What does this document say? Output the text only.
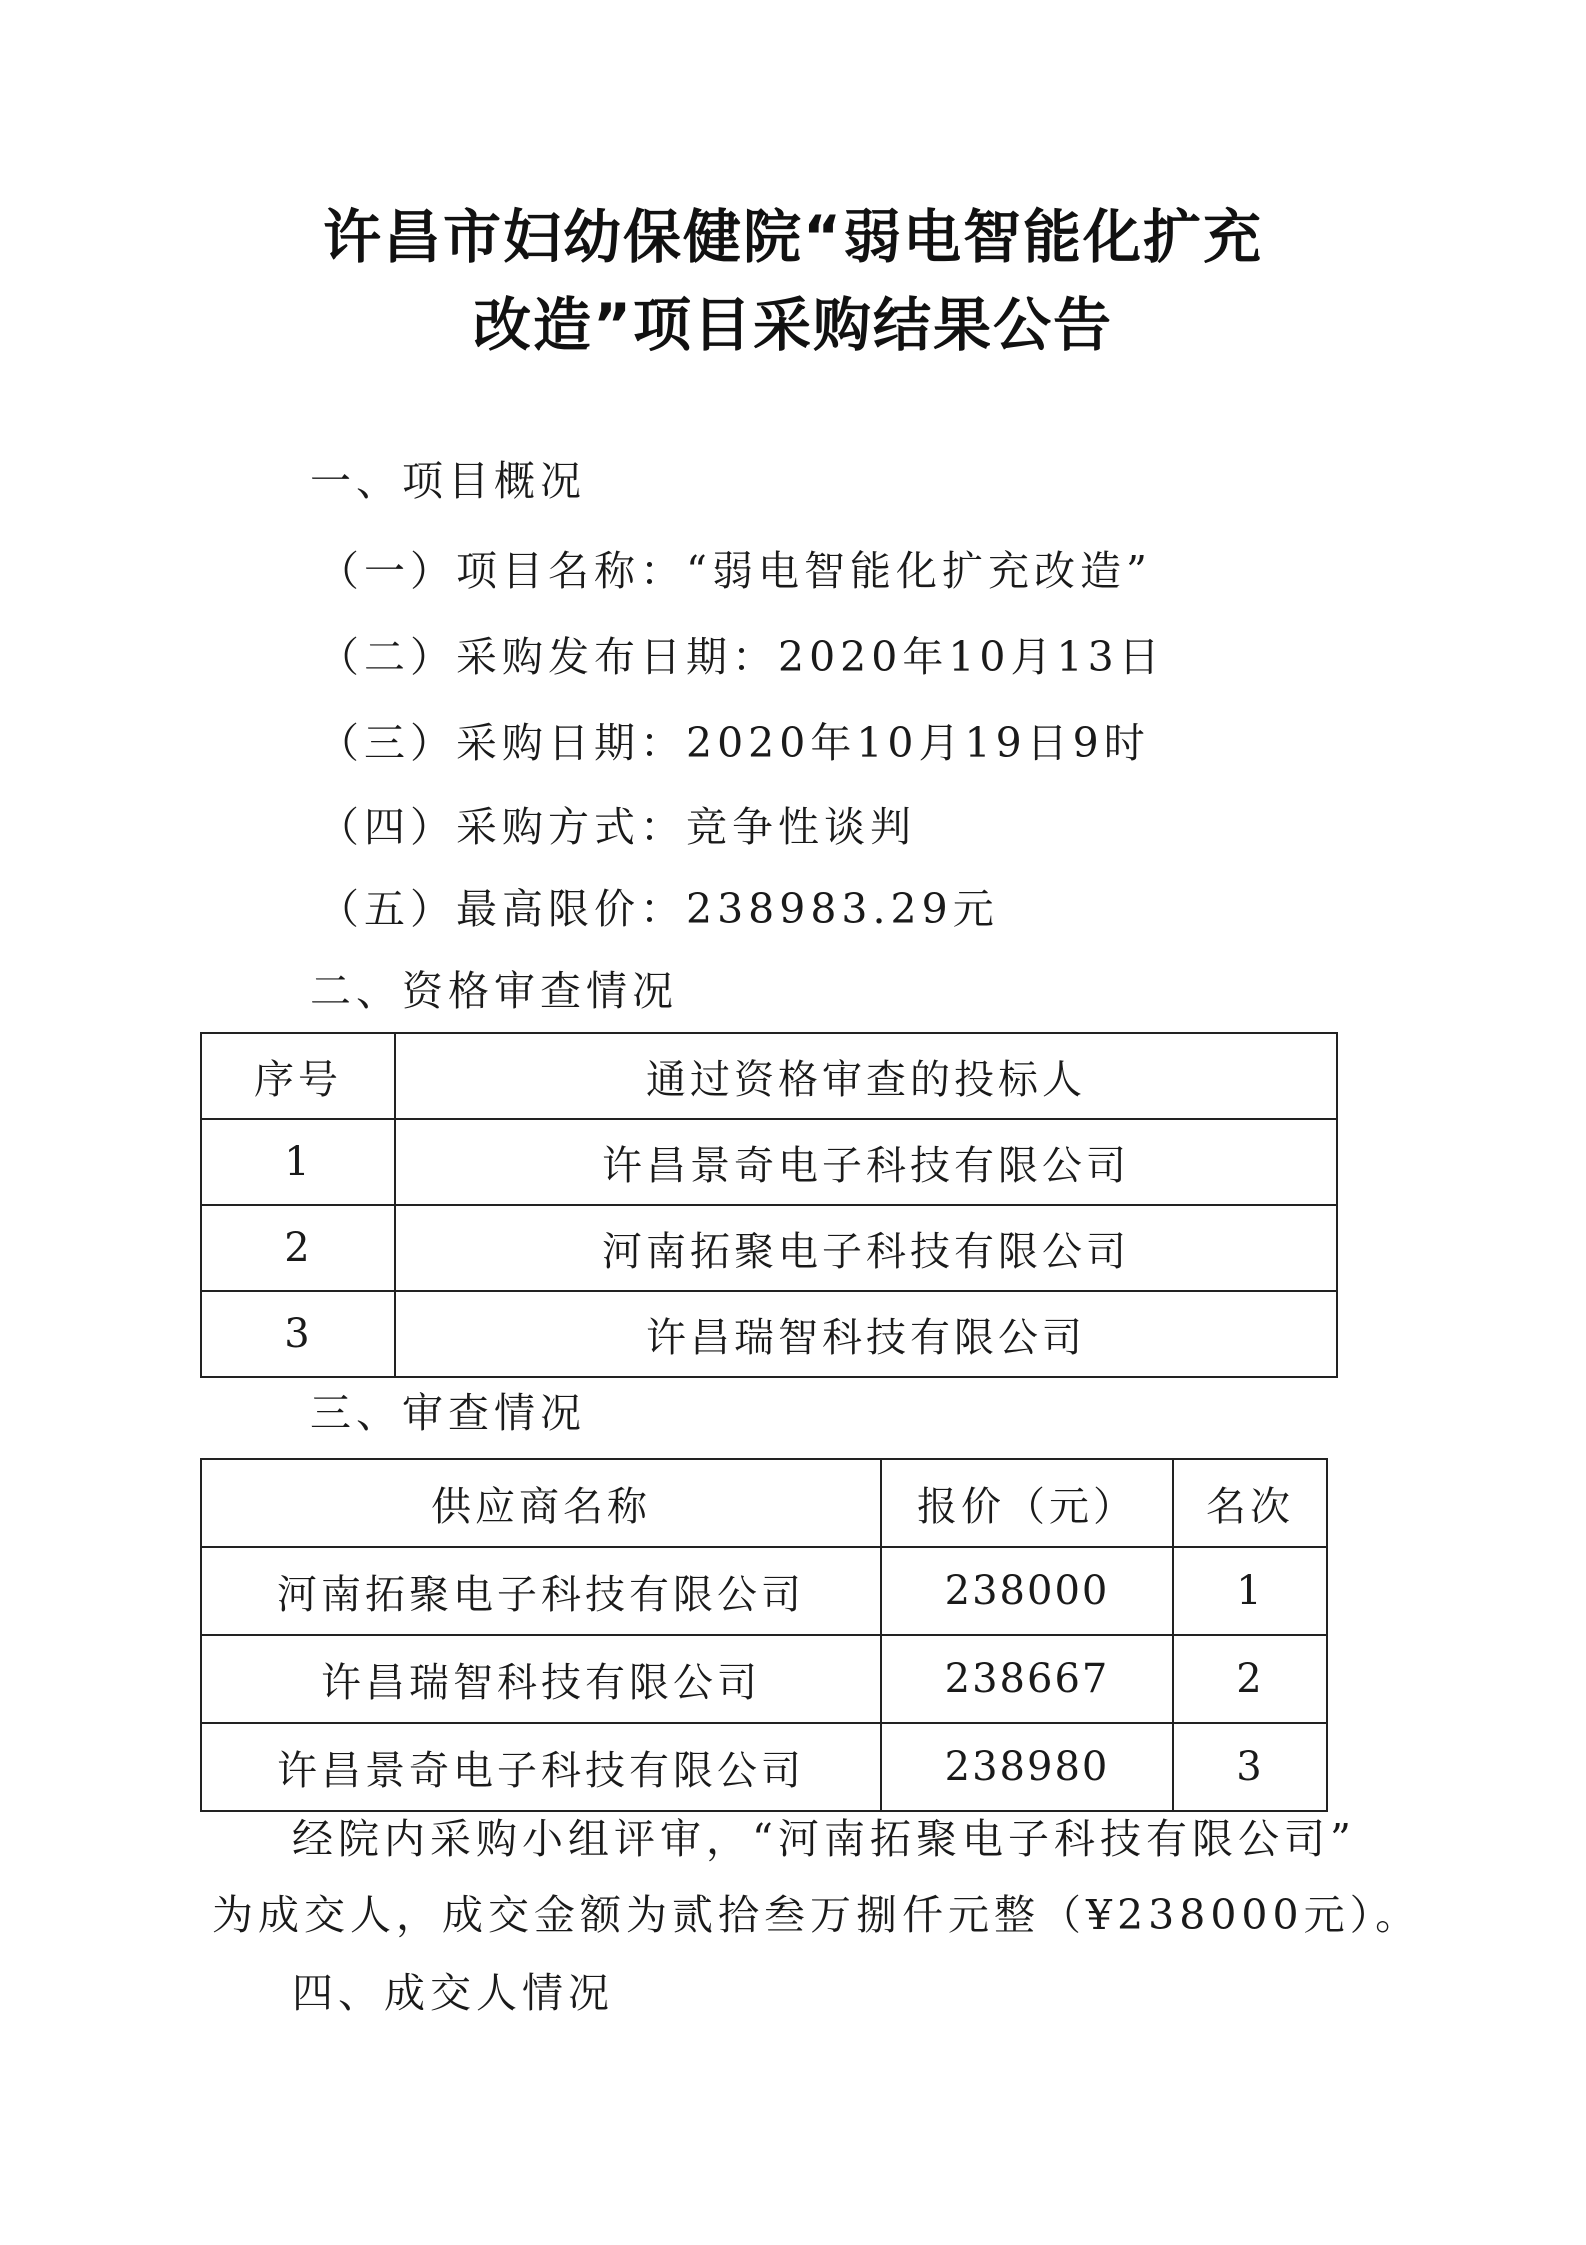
许昌市妇幼保健院“弱电智能化扩充
改造”项目采购结果公告
一、项目概况
（一）项目名称：“弱电智能化扩充改造”
（二）采购发布日期：2020年10月13日
（三）采购日期：2020年10月19日9时
（四）采购方式：竞争性谈判
（五）最高限价：238983.29元
二、资格审查情况
序号	通过资格审查的投标人
1	许昌景奇电子科技有限公司
2	河南拓聚电子科技有限公司
3	许昌瑞智科技有限公司
三、审查情况
供应商名称	报价（元）	名次
河南拓聚电子科技有限公司	238000	1
许昌瑞智科技有限公司	238667	2
许昌景奇电子科技有限公司	238980	3
经院内采购小组评审，“河南拓聚电子科技有限公司”
为成交人，成交金额为贰拾叁万捌仟元整（¥238000元）。
四、成交人情况
